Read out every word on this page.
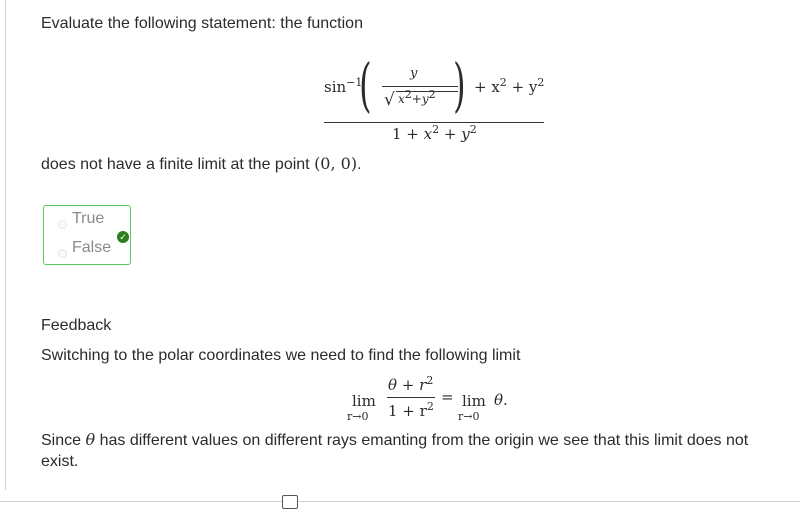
Evaluate the following statement: the function
$\sin^{-1}$
(	y
√ x2+y2 ) + $x^2 + y^2$
$1 + x^2 + y^2$
does not have a finite limit at the point (0, 0).
True
False
✓
Feedback
Switching to the polar coordinates we need to find the following limit
lim
r→0
$\theta + r^2$
$1 + r^2$
= lim
r→0
θ.
Since θ has different values on different rays emanting from the origin we see that this limit does not
exist.
